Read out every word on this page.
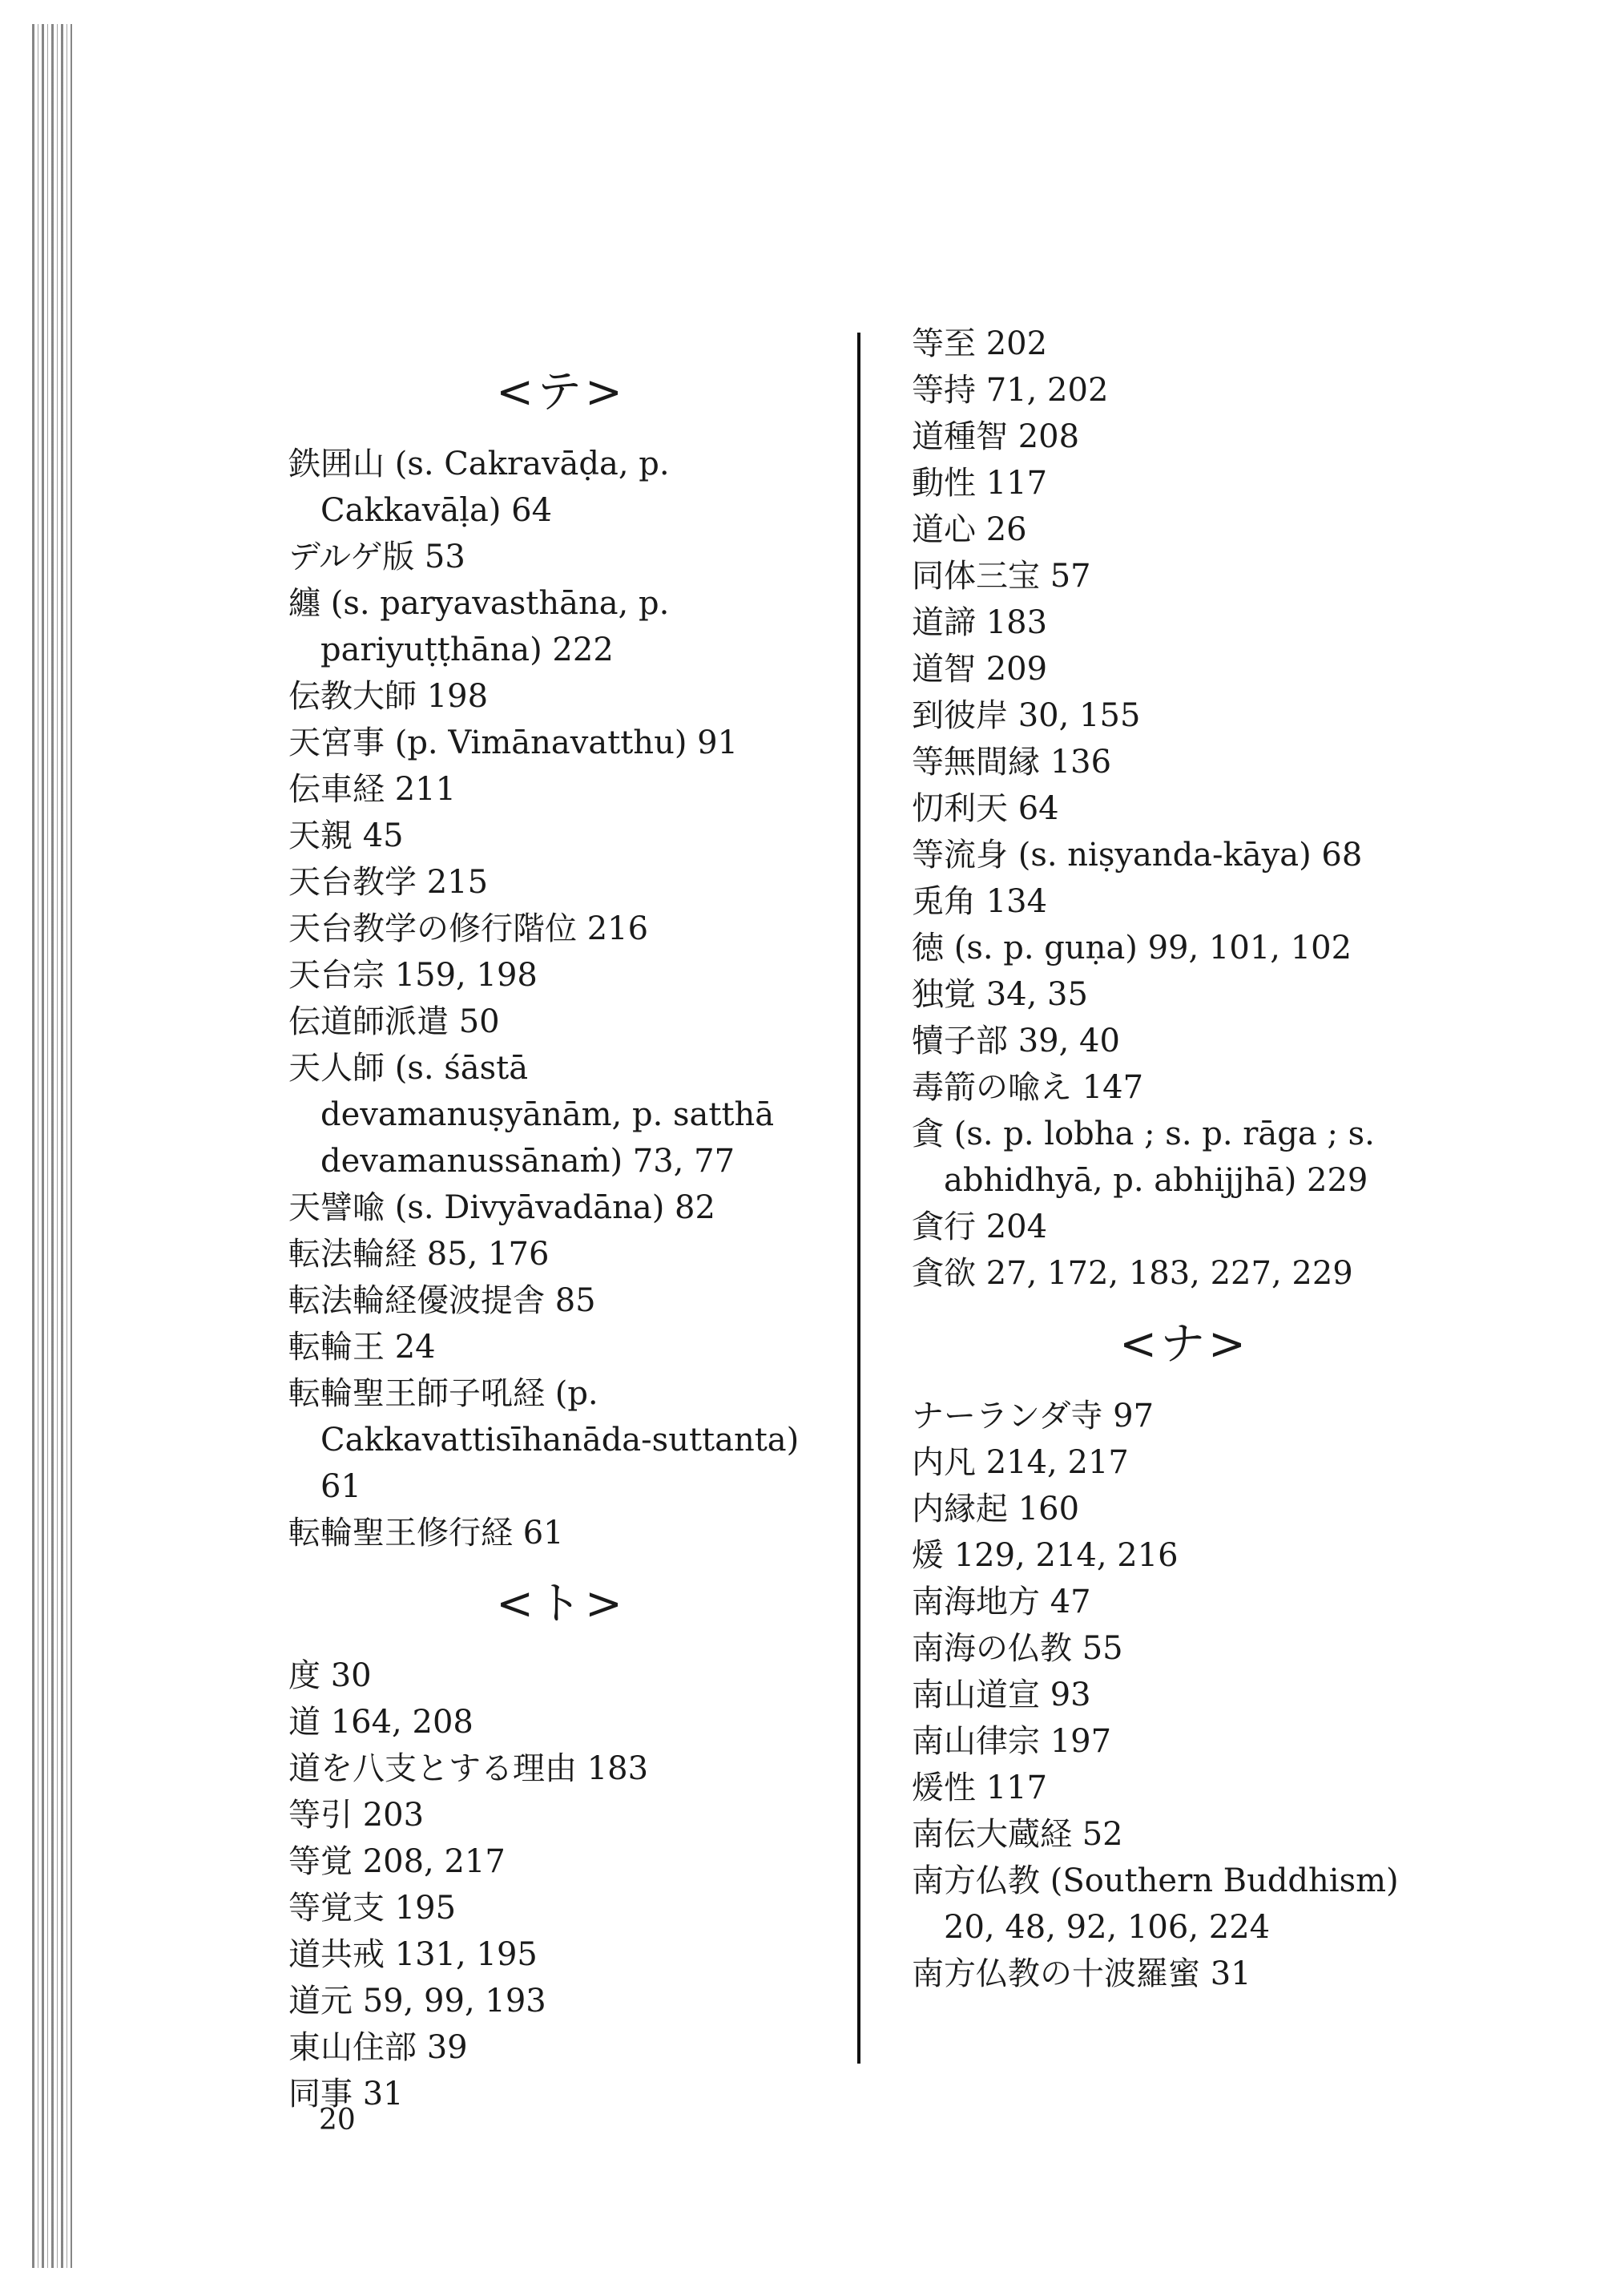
<テ>
鉄囲山 (s. Cakravāḍa, p. Cakkavāḷa) 64
デルゲ版 53
纏 (s. paryavasthāna, p. pariyuṭṭhāna) 222
伝教大師 198
天宮事 (p. Vimānavatthu) 91
伝車経 211
天親 45
天台教学 215
天台教学の修行階位 216
天台宗 159, 198
伝道師派遣 50
天人師 (s. śāstā devamanuṣyānām, p. satthā devamanussānaṁ) 73, 77
天譬喩 (s. Divyāvadāna) 82
転法輪経 85, 176
転法輪経優波提舎 85
転輪王 24
転輪聖王師子吼経 (p. Cakkavattisīhanāda-suttanta) 61
転輪聖王修行経 61
<ト>
度 30
道 164, 208
道を八支とする理由 183
等引 203
等覚 208, 217
等覚支 195
道共戒 131, 195
道元 59, 99, 193
東山住部 39
同事 31
等至 202
等持 71, 202
道種智 208
動性 117
道心 26
同体三宝 57
道諦 183
道智 209
到彼岸 30, 155
等無間縁 136
忉利天 64
等流身 (s. niṣyanda-kāya) 68
兎角 134
徳 (s. p. guṇa) 99, 101, 102
独覚 34, 35
犢子部 39, 40
毒箭の喩え 147
貪 (s. p. lobha ; s. p. rāga ; s. abhidhyā, p. abhijjhā) 229
貪行 204
貪欲 27, 172, 183, 227, 229
<ナ>
ナーランダ寺 97
内凡 214, 217
内縁起 160
煖 129, 214, 216
南海地方 47
南海の仏教 55
南山道宣 93
南山律宗 197
煖性 117
南伝大蔵経 52
南方仏教 (Southern Buddhism) 20, 48, 92, 106, 224
南方仏教の十波羅蜜 31
20
